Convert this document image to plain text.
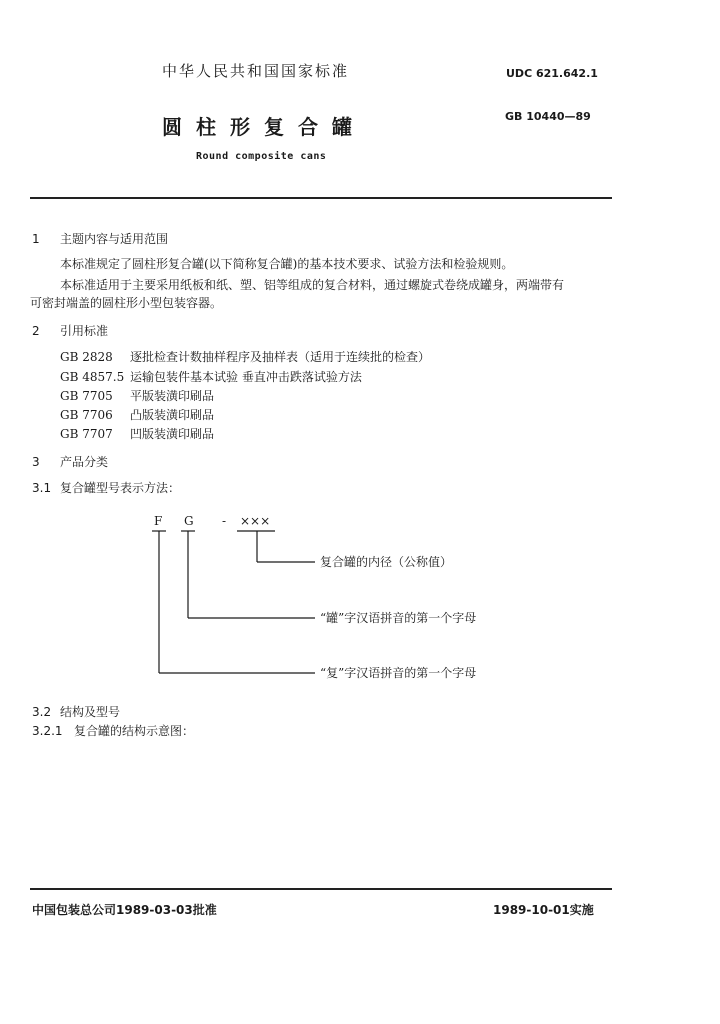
中华人民共和国国家标准	UDC 621.642.1
圆柱形复合罐	GB 10440—89
Round composite cans
1 主题内容与适用范围
本标准规定了圆柱形复合罐(以下简称复合罐)的基本技术要求、试验方法和检验规则。
本标准适用于主要采用纸板和纸、塑、铝等组成的复合材料，通过螺旋式卷绕成罐身，两端带有
可密封端盖的圆柱形小型包装容器。
2 引用标准
GB 2828 逐批检查计数抽样程序及抽样表（适用于连续批的检查）
GB 4857.5 运输包装件基本试验 垂直冲击跌落试验方法
GB 7705 平版装潢印刷品
GB 7706 凸版装潢印刷品
GB 7707 凹版装潢印刷品
3 产品分类
3.1 复合罐型号表示方法：
F G - ×××
复合罐的内径（公称值）
“罐”字汉语拼音的第一个字母
“复”字汉语拼音的第一个字母
3.2 结构及型号
3.2.1 复合罐的结构示意图：
中国包装总公司1989-03-03批准	1989-10-01实施
